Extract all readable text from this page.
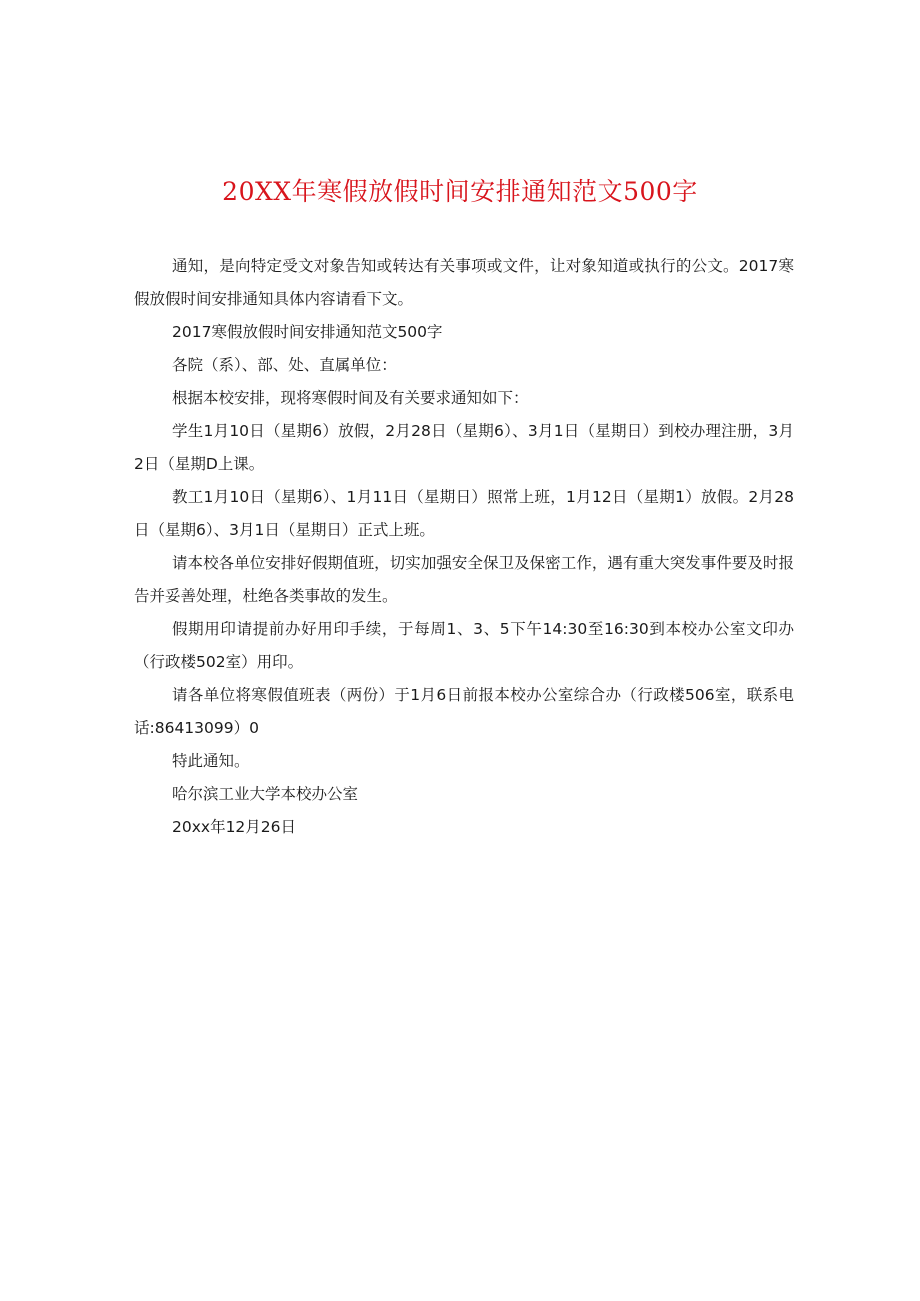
20XX年寒假放假时间安排通知范文500字

通知，是向特定受文对象告知或转达有关事项或文件，让对象知道或执行的公文。2017寒假放假时间安排通知具体内容请看下文。

2017寒假放假时间安排通知范文500字

各院（系）、部、处、直属单位：

根据本校安排，现将寒假时间及有关要求通知如下：

学生1月10日（星期6）放假，2月28日（星期6）、3月1日（星期日）到校办理注册，3月2日（星期D上课。

教工1月10日（星期6）、1月11日（星期日）照常上班，1月12日（星期1）放假。2月28日（星期6）、3月1日（星期日）正式上班。

请本校各单位安排好假期值班，切实加强安全保卫及保密工作，遇有重大突发事件要及时报告并妥善处理，杜绝各类事故的发生。

假期用印请提前办好用印手续，于每周1、3、5下午14:30至16:30到本校办公室文印办（行政楼502室）用印。

请各单位将寒假值班表（两份）于1月6日前报本校办公室综合办（行政楼506室，联系电话:86413099）0

特此通知。

哈尔滨工业大学本校办公室

20xx年12月26日
